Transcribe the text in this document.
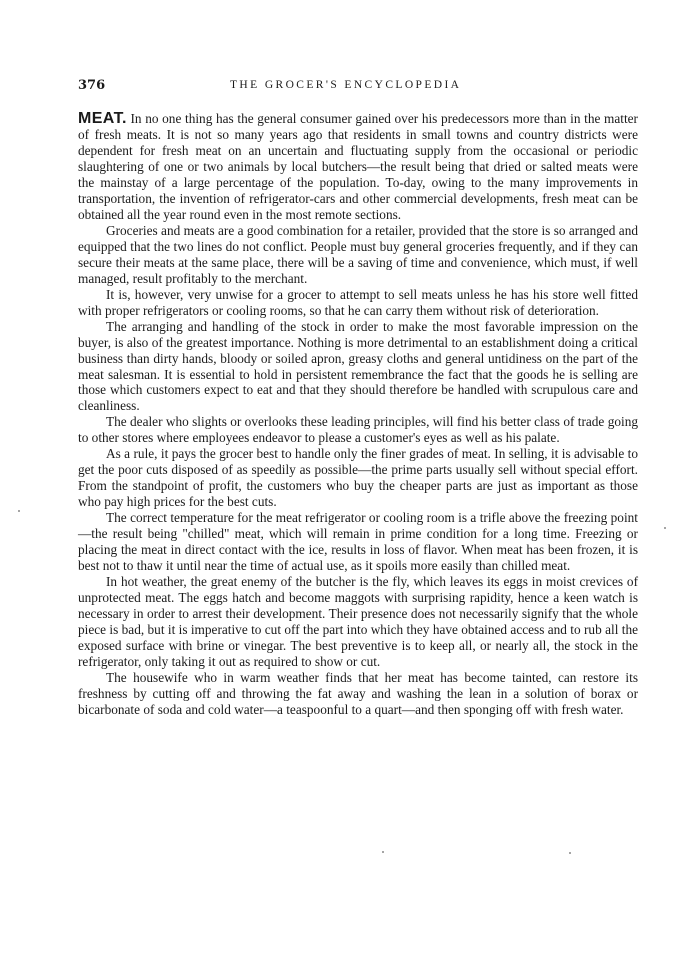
376	THE GROCER'S ENCYCLOPEDIA

MEAT. In no one thing has the general consumer gained over his predecessors more than in the matter of fresh meats. It is not so many years ago that residents in small towns and country districts were dependent for fresh meat on an uncertain and fluctuating supply from the occasional or periodic slaughtering of one or two animals by local butchers—the result being that dried or salted meats were the mainstay of a large percentage of the population. To-day, owing to the many improvements in transportation, the invention of refrigerator-cars and other commercial developments, fresh meat can be obtained all the year round even in the most remote sections.

Groceries and meats are a good combination for a retailer, provided that the store is so arranged and equipped that the two lines do not conflict. People must buy general groceries frequently, and if they can secure their meats at the same place, there will be a saving of time and convenience, which must, if well managed, result profitably to the merchant.

It is, however, very unwise for a grocer to attempt to sell meats unless he has his store well fitted with proper refrigerators or cooling rooms, so that he can carry them without risk of deterioration.

The arranging and handling of the stock in order to make the most favorable impression on the buyer, is also of the greatest importance. Nothing is more detrimental to an establishment doing a critical business than dirty hands, bloody or soiled apron, greasy cloths and general untidiness on the part of the meat salesman. It is essential to hold in persistent remembrance the fact that the goods he is selling are those which customers expect to eat and that they should therefore be handled with scrupulous care and cleanliness.

The dealer who slights or overlooks these leading principles, will find his better class of trade going to other stores where employees endeavor to please a customer's eyes as well as his palate.

As a rule, it pays the grocer best to handle only the finer grades of meat. In selling, it is advisable to get the poor cuts disposed of as speedily as possible—the prime parts usually sell without special effort. From the standpoint of profit, the customers who buy the cheaper parts are just as important as those who pay high prices for the best cuts.

The correct temperature for the meat refrigerator or cooling room is a trifle above the freezing point—the result being "chilled" meat, which will remain in prime condition for a long time. Freezing or placing the meat in direct contact with the ice, results in loss of flavor. When meat has been frozen, it is best not to thaw it until near the time of actual use, as it spoils more easily than chilled meat.

In hot weather, the great enemy of the butcher is the fly, which leaves its eggs in moist crevices of unprotected meat. The eggs hatch and become maggots with surprising rapidity, hence a keen watch is necessary in order to arrest their development. Their presence does not necessarily signify that the whole piece is bad, but it is imperative to cut off the part into which they have obtained access and to rub all the exposed surface with brine or vinegar. The best preventive is to keep all, or nearly all, the stock in the refrigerator, only taking it out as required to show or cut.

The housewife who in warm weather finds that her meat has become tainted, can restore its freshness by cutting off and throwing the fat away and washing the lean in a solution of borax or bicarbonate of soda and cold water—a teaspoonful to a quart—and then sponging off with fresh water.
